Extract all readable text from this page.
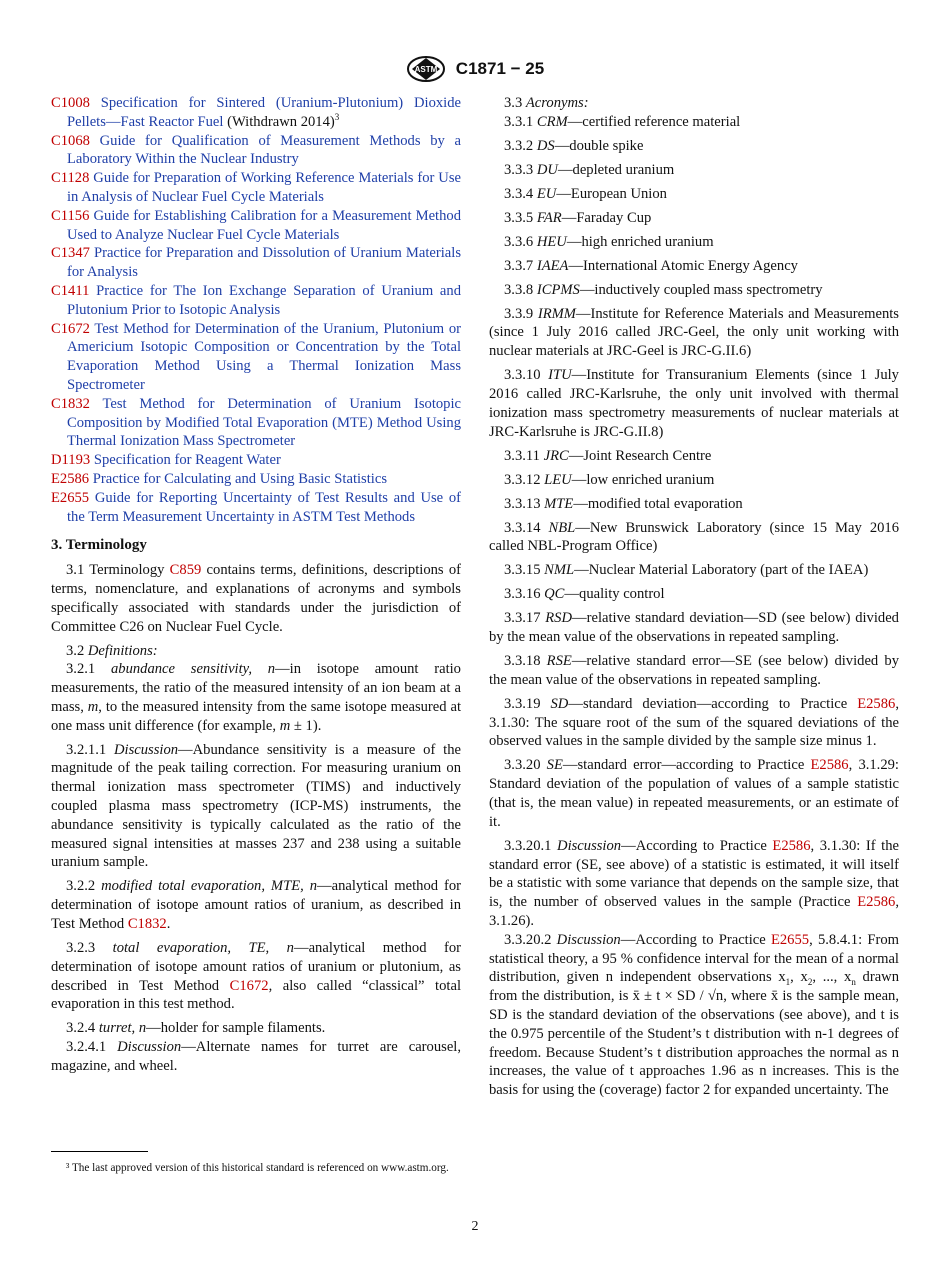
ASTM C1871 − 25

C1008 Specification for Sintered (Uranium-Plutonium) Dioxide Pellets—Fast Reactor Fuel (Withdrawn 2014)$^3$

C1068 Guide for Qualification of Measurement Methods by a Laboratory Within the Nuclear Industry

C1128 Guide for Preparation of Working Reference Materials for Use in Analysis of Nuclear Fuel Cycle Materials

C1156 Guide for Establishing Calibration for a Measurement Method Used to Analyze Nuclear Fuel Cycle Materials

C1347 Practice for Preparation and Dissolution of Uranium Materials for Analysis

C1411 Practice for The Ion Exchange Separation of Uranium and Plutonium Prior to Isotopic Analysis

C1672 Test Method for Determination of the Uranium, Plutonium or Americium Isotopic Composition or Concentration by the Total Evaporation Method Using a Thermal Ionization Mass Spectrometer

C1832 Test Method for Determination of Uranium Isotopic Composition by Modified Total Evaporation (MTE) Method Using Thermal Ionization Mass Spectrometer

D1193 Specification for Reagent Water

E2586 Practice for Calculating and Using Basic Statistics

E2655 Guide for Reporting Uncertainty of Test Results and Use of the Term Measurement Uncertainty in ASTM Test Methods

3. Terminology

3.1 Terminology C859 contains terms, definitions, descriptions of terms, nomenclature, and explanations of acronyms and symbols specifically associated with standards under the jurisdiction of Committee C26 on Nuclear Fuel Cycle.

3.2 Definitions:

3.2.1 abundance sensitivity, n—in isotope amount ratio measurements, the ratio of the measured intensity of an ion beam at a mass, m, to the measured intensity from the same isotope measured at one mass unit difference (for example, m ± 1).

3.2.1.1 Discussion—Abundance sensitivity is a measure of the magnitude of the peak tailing correction. For measuring uranium on thermal ionization mass spectrometer (TIMS) and inductively coupled plasma mass spectrometry (ICP-MS) instruments, the abundance sensitivity is typically calculated as the ratio of the measured signal intensities at masses 237 and 238 using a suitable uranium sample.

3.2.2 modified total evaporation, MTE, n—analytical method for determination of isotope amount ratios of uranium, as described in Test Method C1832.

3.2.3 total evaporation, TE, n—analytical method for determination of isotope amount ratios of uranium or plutonium, as described in Test Method C1672, also called “classical” total evaporation in this test method.

3.2.4 turret, n—holder for sample filaments.

3.2.4.1 Discussion—Alternate names for turret are carousel, magazine, and wheel.

³ The last approved version of this historical standard is referenced on www.astm.org.

3.3 Acronyms:

3.3.1 CRM—certified reference material

3.3.2 DS—double spike

3.3.3 DU—depleted uranium

3.3.4 EU—European Union

3.3.5 FAR—Faraday Cup

3.3.6 HEU—high enriched uranium

3.3.7 IAEA—International Atomic Energy Agency

3.3.8 ICPMS—inductively coupled mass spectrometry

3.3.9 IRMM—Institute for Reference Materials and Measurements (since 1 July 2016 called JRC-Geel, the only unit working with nuclear materials at JRC-Geel is JRC-G.II.6)

3.3.10 ITU—Institute for Transuranium Elements (since 1 July 2016 called JRC-Karlsruhe, the only unit involved with thermal ionization mass spectrometry measurements of nuclear materials at JRC-Karlsruhe is JRC-G.II.8)

3.3.11 JRC—Joint Research Centre

3.3.12 LEU—low enriched uranium

3.3.13 MTE—modified total evaporation

3.3.14 NBL—New Brunswick Laboratory (since 15 May 2016 called NBL-Program Office)

3.3.15 NML—Nuclear Material Laboratory (part of the IAEA)

3.3.16 QC—quality control

3.3.17 RSD—relative standard deviation—SD (see below) divided by the mean value of the observations in repeated sampling.

3.3.18 RSE—relative standard error—SE (see below) divided by the mean value of the observations in repeated sampling.

3.3.19 SD—standard deviation—according to Practice E2586, 3.1.30: The square root of the sum of the squared deviations of the observed values in the sample divided by the sample size minus 1.

3.3.20 SE—standard error—according to Practice E2586, 3.1.29: Standard deviation of the population of values of a sample statistic (that is, the mean value) in repeated measurements, or an estimate of it.

3.3.20.1 Discussion—According to Practice E2586, 3.1.30: If the standard error (SE, see above) of a statistic is estimated, it will itself be a statistic with some variance that depends on the sample size, that is, the number of observed values in the sample (Practice E2586, 3.1.26).

3.3.20.2 Discussion—According to Practice E2655, 5.8.4.1: From statistical theory, a 95 % confidence interval for the mean of a normal distribution, given n independent observations $x_1$, $x_2$, ..., $x_n$ drawn from the distribution, is x̄ ± t × SD / √n, where x̄ is the sample mean, SD is the standard deviation of the observations (see above), and t is the 0.975 percentile of the Student’s t distribution with n-1 degrees of freedom. Because Student’s t distribution approaches the normal as n increases, the value of t approaches 1.96 as n increases. This is the basis for using the (coverage) factor 2 for expanded uncertainty. The

2
